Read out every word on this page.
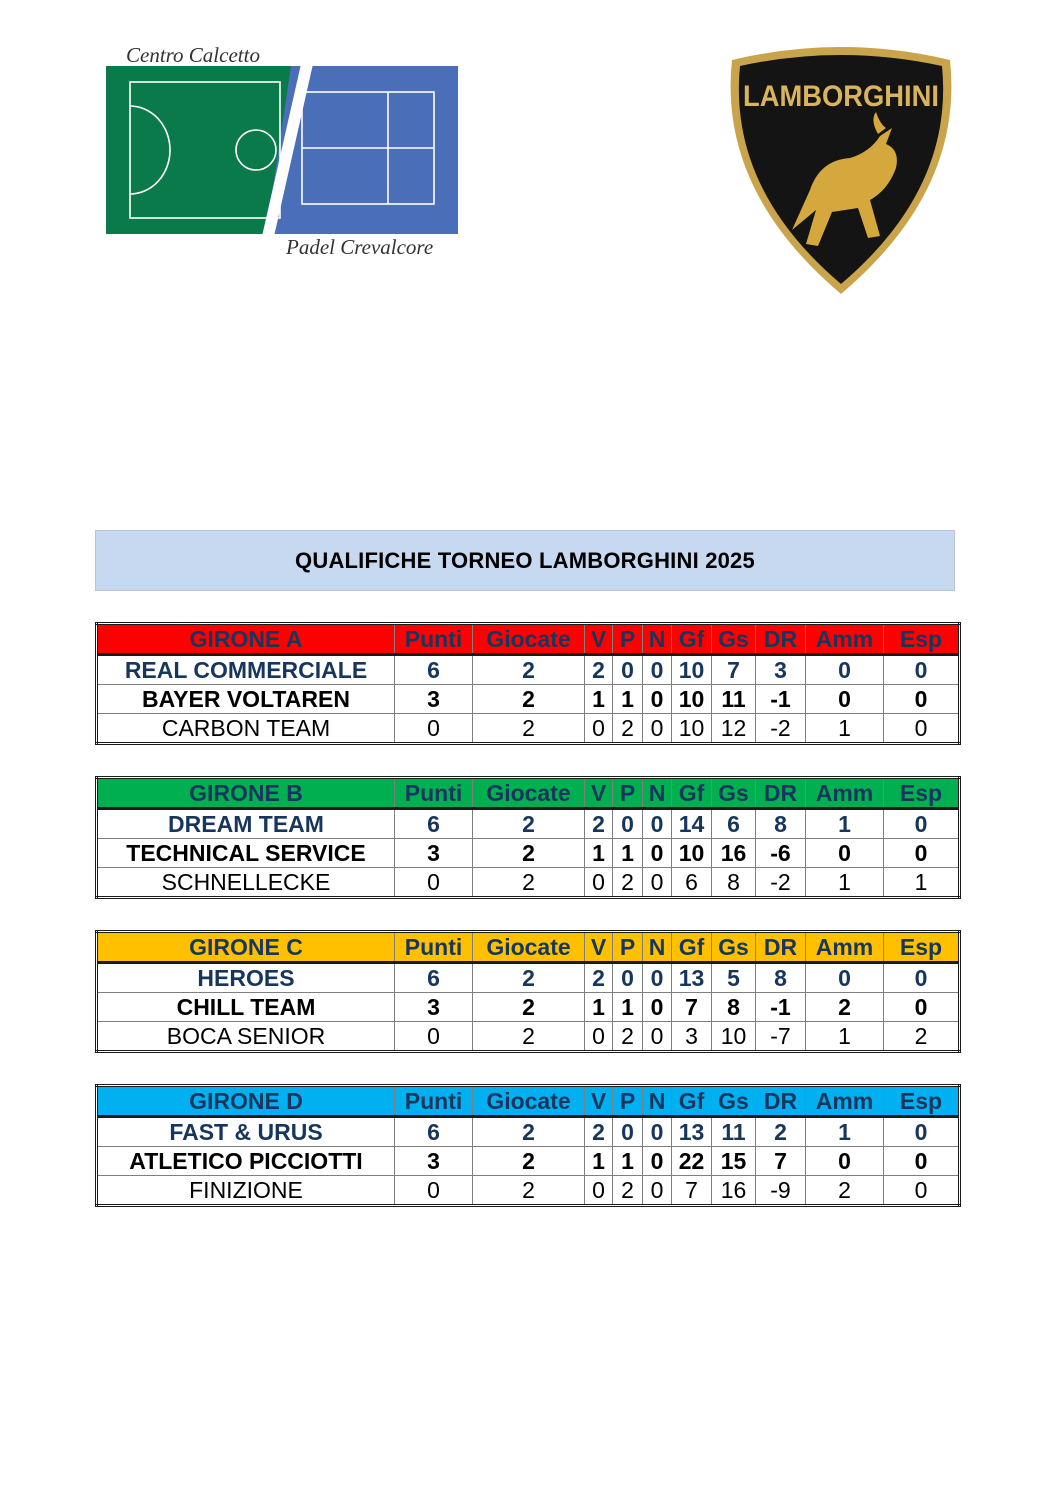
Centro Calcetto
Padel Crevalcore
LAMBORGHINI
QUALIFICHE TORNEO LAMBORGHINI 2025
GIRONE A	Punti	Giocate	V	P	N	Gf	Gs	DR	Amm	Esp
REAL COMMERCIALE	6	2	2	0	0	10	7	3	0	0
BAYER VOLTAREN	3	2	1	1	0	10	11	-1	0	0
CARBON TEAM	0	2	0	2	0	10	12	-2	1	0
GIRONE B	Punti	Giocate	V	P	N	Gf	Gs	DR	Amm	Esp
DREAM TEAM	6	2	2	0	0	14	6	8	1	0
TECHNICAL SERVICE	3	2	1	1	0	10	16	-6	0	0
SCHNELLECKE	0	2	0	2	0	6	8	-2	1	1
GIRONE C	Punti	Giocate	V	P	N	Gf	Gs	DR	Amm	Esp
HEROES	6	2	2	0	0	13	5	8	0	0
CHILL TEAM	3	2	1	1	0	7	8	-1	2	0
BOCA SENIOR	0	2	0	2	0	3	10	-7	1	2
GIRONE D	Punti	Giocate	V	P	N	Gf	Gs	DR	Amm	Esp
FAST & URUS	6	2	2	0	0	13	11	2	1	0
ATLETICO PICCIOTTI	3	2	1	1	0	22	15	7	0	0
FINIZIONE	0	2	0	2	0	7	16	-9	2	0
